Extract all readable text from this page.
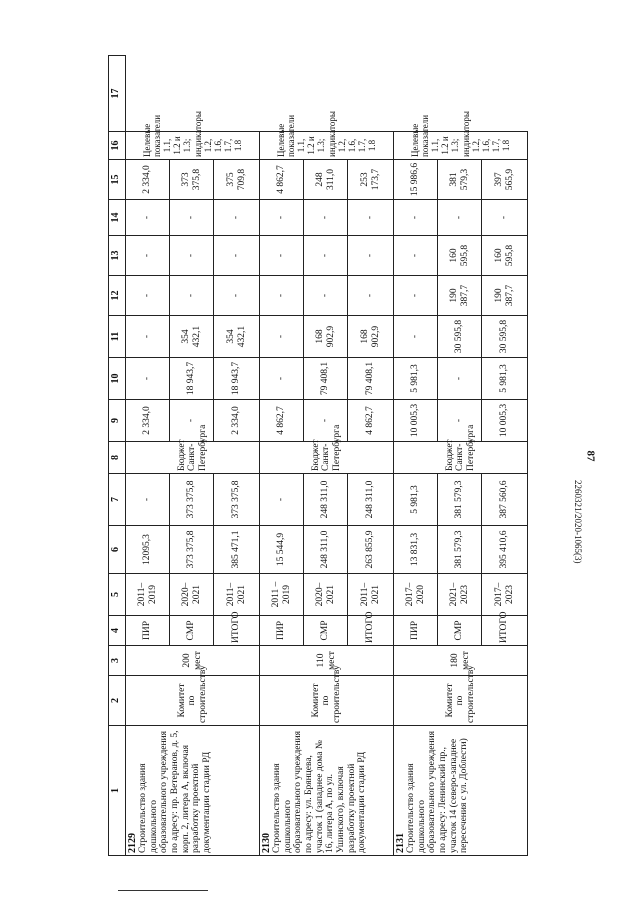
87
2260321/2020-1065(3)
1	2	3	4	5	6	7	8	9	10	11	12	13	14	15	16	17

2129 Строительство здания дошкольного образовательного учреждения по адресу: пр. Ветеранов, д. 5, корп. 2, литера А, включая разработку проектной документации стадии РД	Комитет по строительству	200 мест	ПИР	2011–2019	12095,3	-	Бюджет Санкт-Петербурга	2 334,0	-	-	-	-	-	2 334,0	Целевые показатели 1.1, 1.2 и 1.3; индикаторы 1.2, 1.6, 1.7, 1.8	
			СМР	2020–2021	373 375,8	373 375,8		-	18 943,7	354 432,1	-	-	-	373 375,8		
			ИТОГО	2011–2021	385 471,1	373 375,8		2 334,0	18 943,7	354 432,1	-	-	-	375 709,8		

2130 Строительство здания дошкольного образовательного учреждения по адресу: ул. Брянцева, участок 1 (западнее дома № 16, литера А, по ул. Ушинского), включая разработку проектной документации стадии РД	Комитет по строительству	110 мест	ПИР	2011 – 2019	15 544,9	-	Бюджет Санкт-Петербурга	4 862,7	-	-	-	-	-	4 862,7	Целевые показатели 1.1, 1.2 и 1.3; индикаторы 1.2, 1.6, 1.7, 1.8	
			СМР	2020–2021	248 311,0	248 311,0		-	79 408,1	168 902,9	-	-	-	248 311,0		
			ИТОГО	2011–2021	263 855,9	248 311,0		4 862,7	79 408,1	168 902,9	-	-	-	253 173,7		

2131 Строительство здания дошкольного образовательного учреждения по адресу: Ленинский пр., участок 14 (северо-западнее пересечения с ул. Доблести)	Комитет по строительству	180 мест	ПИР	2017–2020	13 831,3	5 981,3	Бюджет Санкт-Петербурга	10 005,3	5 981,3	-	-	-	-	15 986,6	Целевые показатели 1.1, 1.2 и 1.3; индикаторы 1.2, 1.6, 1.7, 1.8	
			СМР	2021–2023	381 579,3	381 579,3		-	-	30 595,8	190 387,7	160 595,8	-	381 579,3		
			ИТОГО	2017–2023	395 410,6	387 560,6		10 005,3	5 981,3	30 595,8	190 387,7	160 595,8	-	397 565,9		
